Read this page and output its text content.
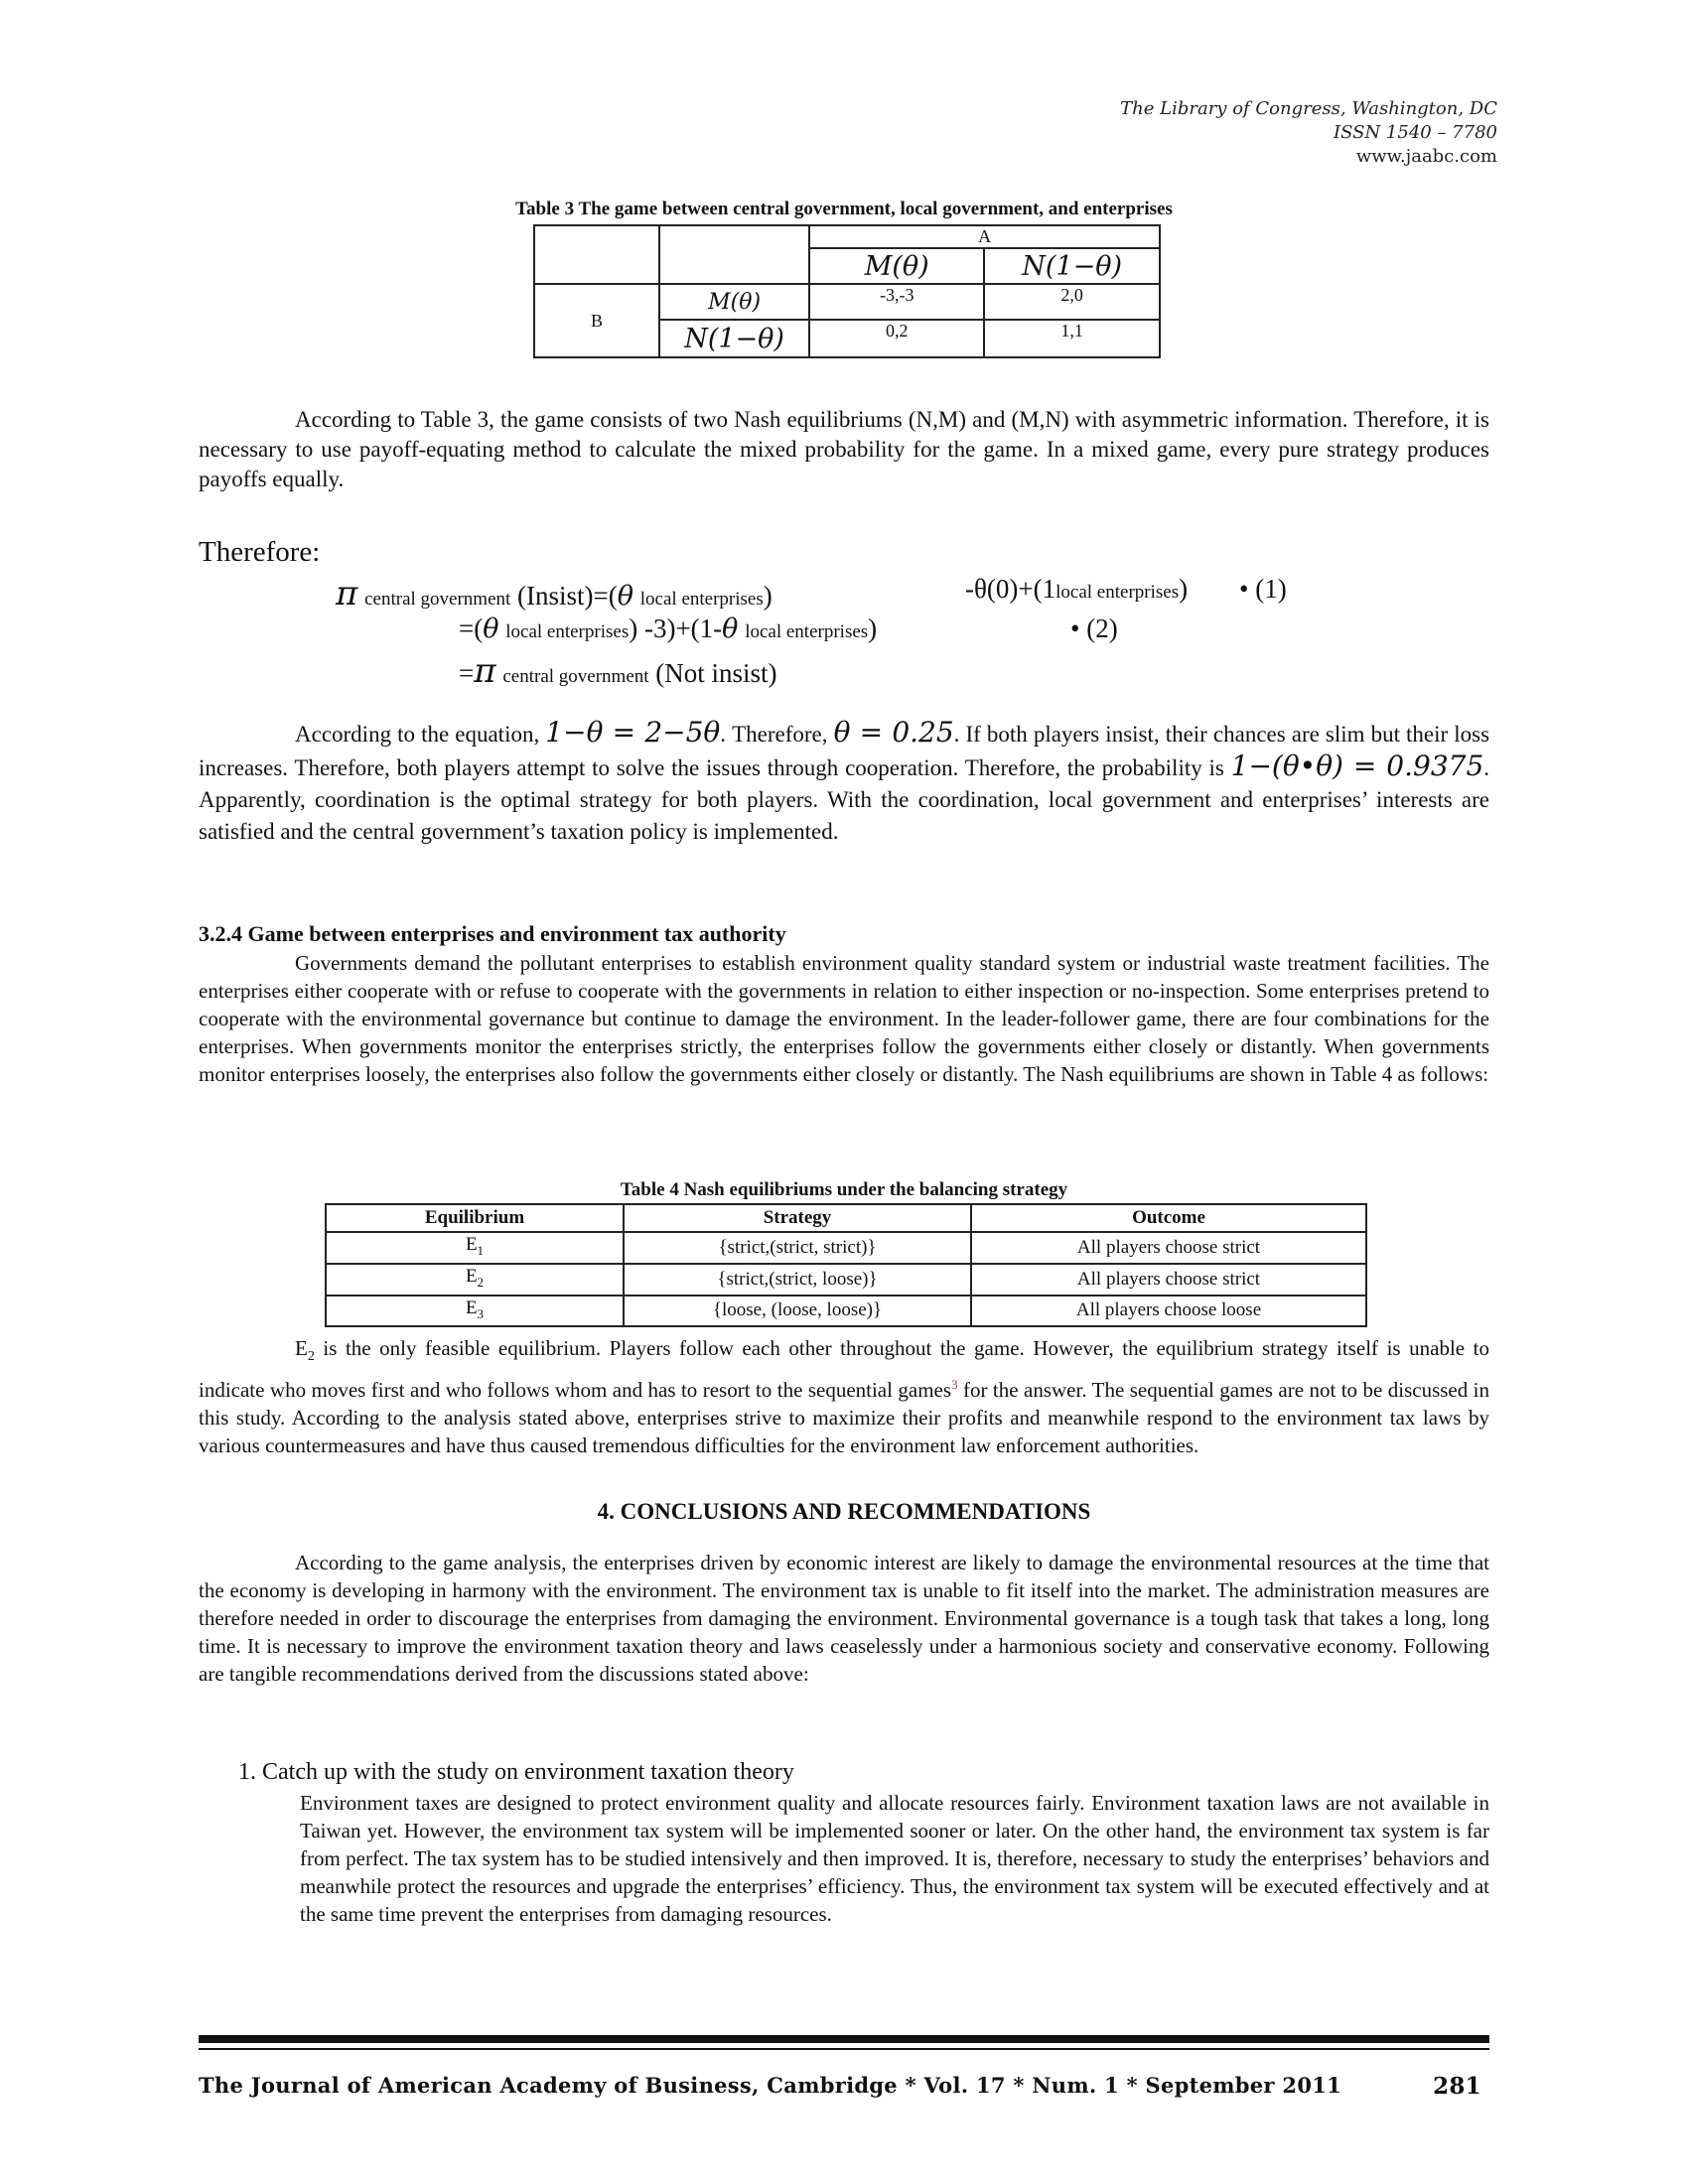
The Library of Congress, Washington, DC
ISSN 1540 – 7780
www.jaabc.com
Table 3 The game between central government, local government, and enterprises
		A	
		M(θ)	N(1−θ)
B	M(θ)	-3,-3	2,0
	N(1−θ)	0,2	1,1
According to Table 3, the game consists of two Nash equilibriums (N,M) and (M,N) with asymmetric information. Therefore, it is necessary to use payoff-equating method to calculate the mixed probability for the game. In a mixed game, every pure strategy produces payoffs equally.
Therefore:
π central government (Insist)=(θ local enterprises)	-θ(0)+(1local enterprises) • (1)
=(θ local enterprises) -3)+(1-θ local enterprises)	• (2)
=π central government (Not insist)
According to the equation, 1−θ = 2−5θ. Therefore, θ = 0.25. If both players insist, their chances are slim but their loss increases. Therefore, both players attempt to solve the issues through cooperation. Therefore, the probability is 1−(θ•θ) = 0.9375. Apparently, coordination is the optimal strategy for both players. With the coordination, local government and enterprises’ interests are satisfied and the central government’s taxation policy is implemented.
3.2.4 Game between enterprises and environment tax authority
Governments demand the pollutant enterprises to establish environment quality standard system or industrial waste treatment facilities. The enterprises either cooperate with or refuse to cooperate with the governments in relation to either inspection or no-inspection. Some enterprises pretend to cooperate with the environmental governance but continue to damage the environment. In the leader-follower game, there are four combinations for the enterprises. When governments monitor the enterprises strictly, the enterprises follow the governments either closely or distantly. When governments monitor enterprises loosely, the enterprises also follow the governments either closely or distantly. The Nash equilibriums are shown in Table 4 as follows:
Table 4 Nash equilibriums under the balancing strategy
Equilibrium	Strategy	Outcome
$E_1$	{strict,(strict, strict)}	All players choose strict
$E_2$	{strict,(strict, loose)}	All players choose strict
$E_3$	{loose, (loose, loose)}	All players choose loose
$E_2$ is the only feasible equilibrium. Players follow each other throughout the game. However, the equilibrium strategy itself is unable to indicate who moves first and who follows whom and has to resort to the sequential games$^3$ for the answer. The sequential games are not to be discussed in this study. According to the analysis stated above, enterprises strive to maximize their profits and meanwhile respond to the environment tax laws by various countermeasures and have thus caused tremendous difficulties for the environment law enforcement authorities.
4. CONCLUSIONS AND RECOMMENDATIONS
According to the game analysis, the enterprises driven by economic interest are likely to damage the environmental resources at the time that the economy is developing in harmony with the environment. The environment tax is unable to fit itself into the market. The administration measures are therefore needed in order to discourage the enterprises from damaging the environment. Environmental governance is a tough task that takes a long, long time. It is necessary to improve the environment taxation theory and laws ceaselessly under a harmonious society and conservative economy. Following are tangible recommendations derived from the discussions stated above:
1. Catch up with the study on environment taxation theory
Environment taxes are designed to protect environment quality and allocate resources fairly. Environment taxation laws are not available in Taiwan yet. However, the environment tax system will be implemented sooner or later. On the other hand, the environment tax system is far from perfect. The tax system has to be studied intensively and then improved. It is, therefore, necessary to study the enterprises’ behaviors and meanwhile protect the resources and upgrade the enterprises’ efficiency. Thus, the environment tax system will be executed effectively and at the same time prevent the enterprises from damaging resources.
The Journal of American Academy of Business, Cambridge * Vol. 17 * Num. 1 * September 2011	281
